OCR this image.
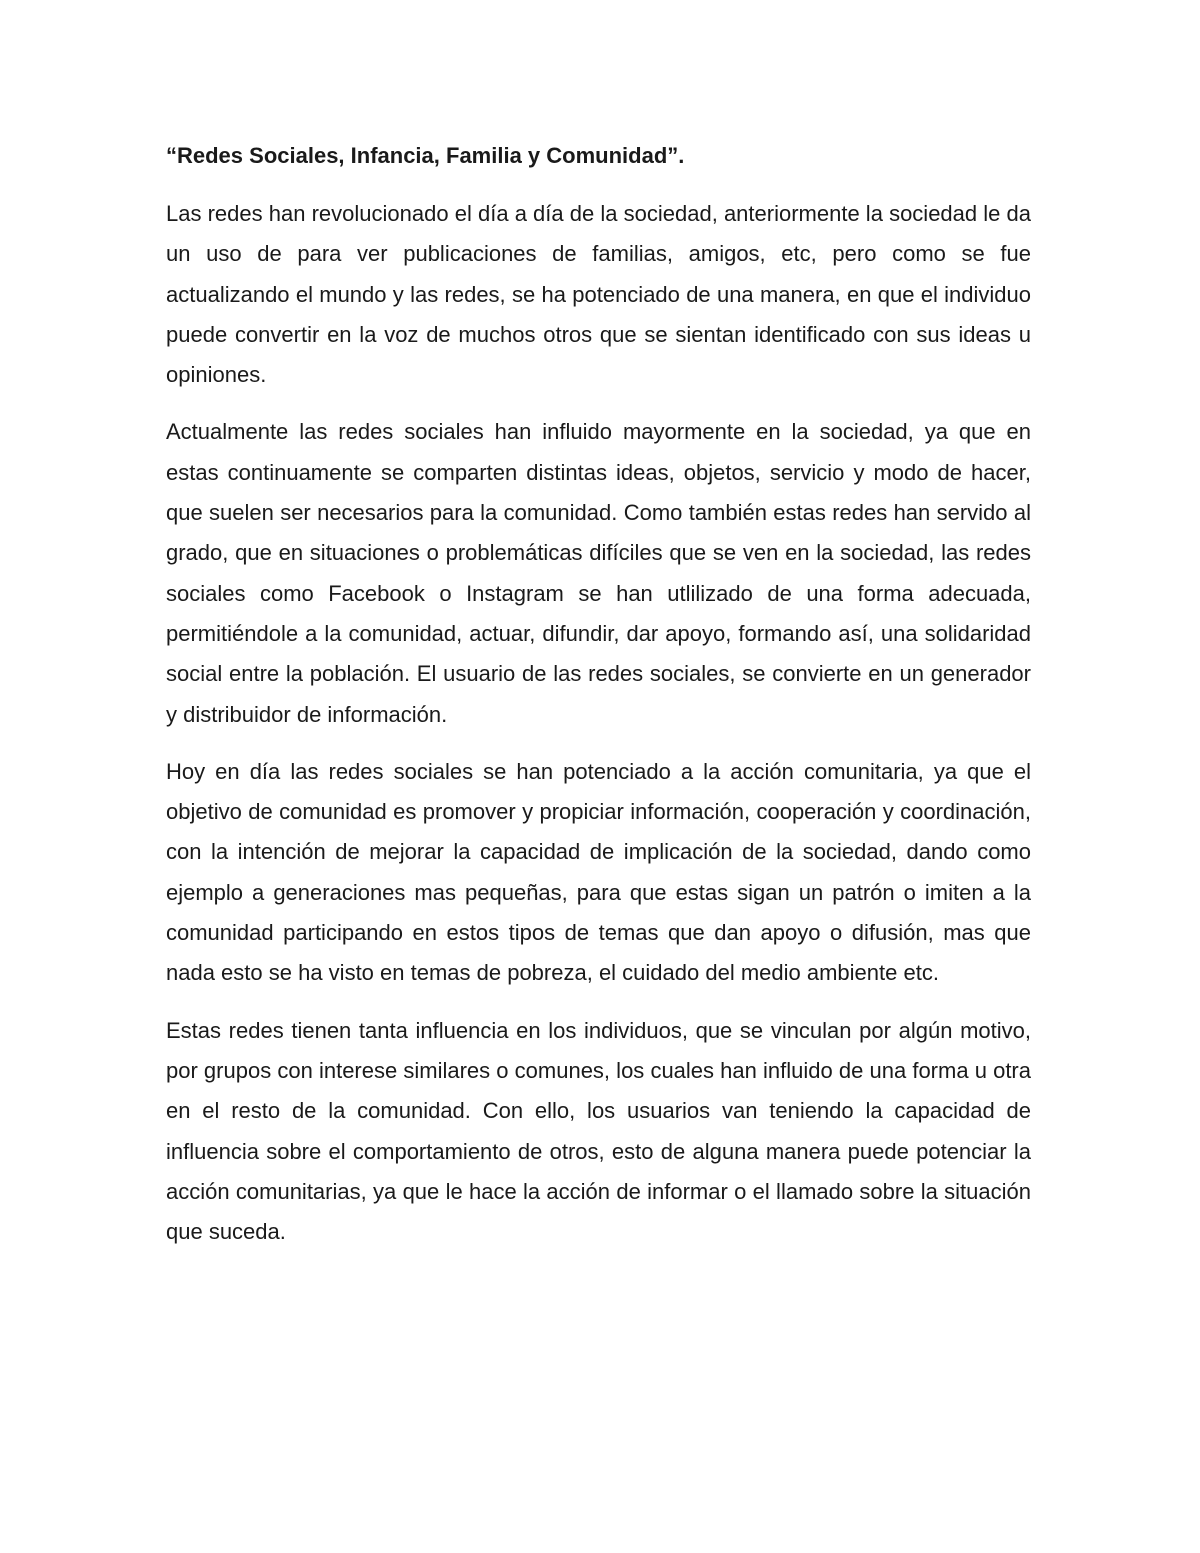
“Redes Sociales, Infancia, Familia y Comunidad”.

Las redes han revolucionado el día a día de la sociedad, anteriormente la sociedad le da un uso de para ver publicaciones de familias, amigos, etc, pero como se fue actualizando el mundo y las redes, se ha potenciado de una manera, en que el individuo puede convertir en la voz de muchos otros que se sientan identificado con sus ideas u opiniones.

Actualmente las redes sociales han influido mayormente en la sociedad, ya que en estas continuamente se comparten distintas ideas, objetos, servicio y modo de hacer, que suelen ser necesarios para la comunidad. Como también estas redes han servido al grado, que en situaciones o problemáticas difíciles que se ven en la sociedad, las redes sociales como Facebook o Instagram se han utlilizado de una forma adecuada, permitiéndole a la comunidad, actuar, difundir, dar apoyo, formando así, una solidaridad social entre la población. El usuario de las redes sociales, se convierte en un generador y distribuidor de información.

Hoy en día las redes sociales se han potenciado a la acción comunitaria, ya que el objetivo de comunidad es promover y propiciar información, cooperación y coordinación, con la intención de mejorar la capacidad de implicación de la sociedad, dando como ejemplo a generaciones mas pequeñas, para que estas sigan un patrón o imiten a la comunidad participando en estos tipos de temas que dan apoyo o difusión, mas que nada esto se ha visto en temas de pobreza, el cuidado del medio ambiente etc.

Estas redes tienen tanta influencia en los individuos, que se vinculan por algún motivo, por grupos con interese similares o comunes, los cuales han influido de una forma u otra en el resto de la comunidad. Con ello, los usuarios van teniendo la capacidad de influencia sobre el comportamiento de otros, esto de alguna manera puede potenciar la acción comunitarias, ya que le hace la acción de informar o el llamado sobre la situación que suceda.
